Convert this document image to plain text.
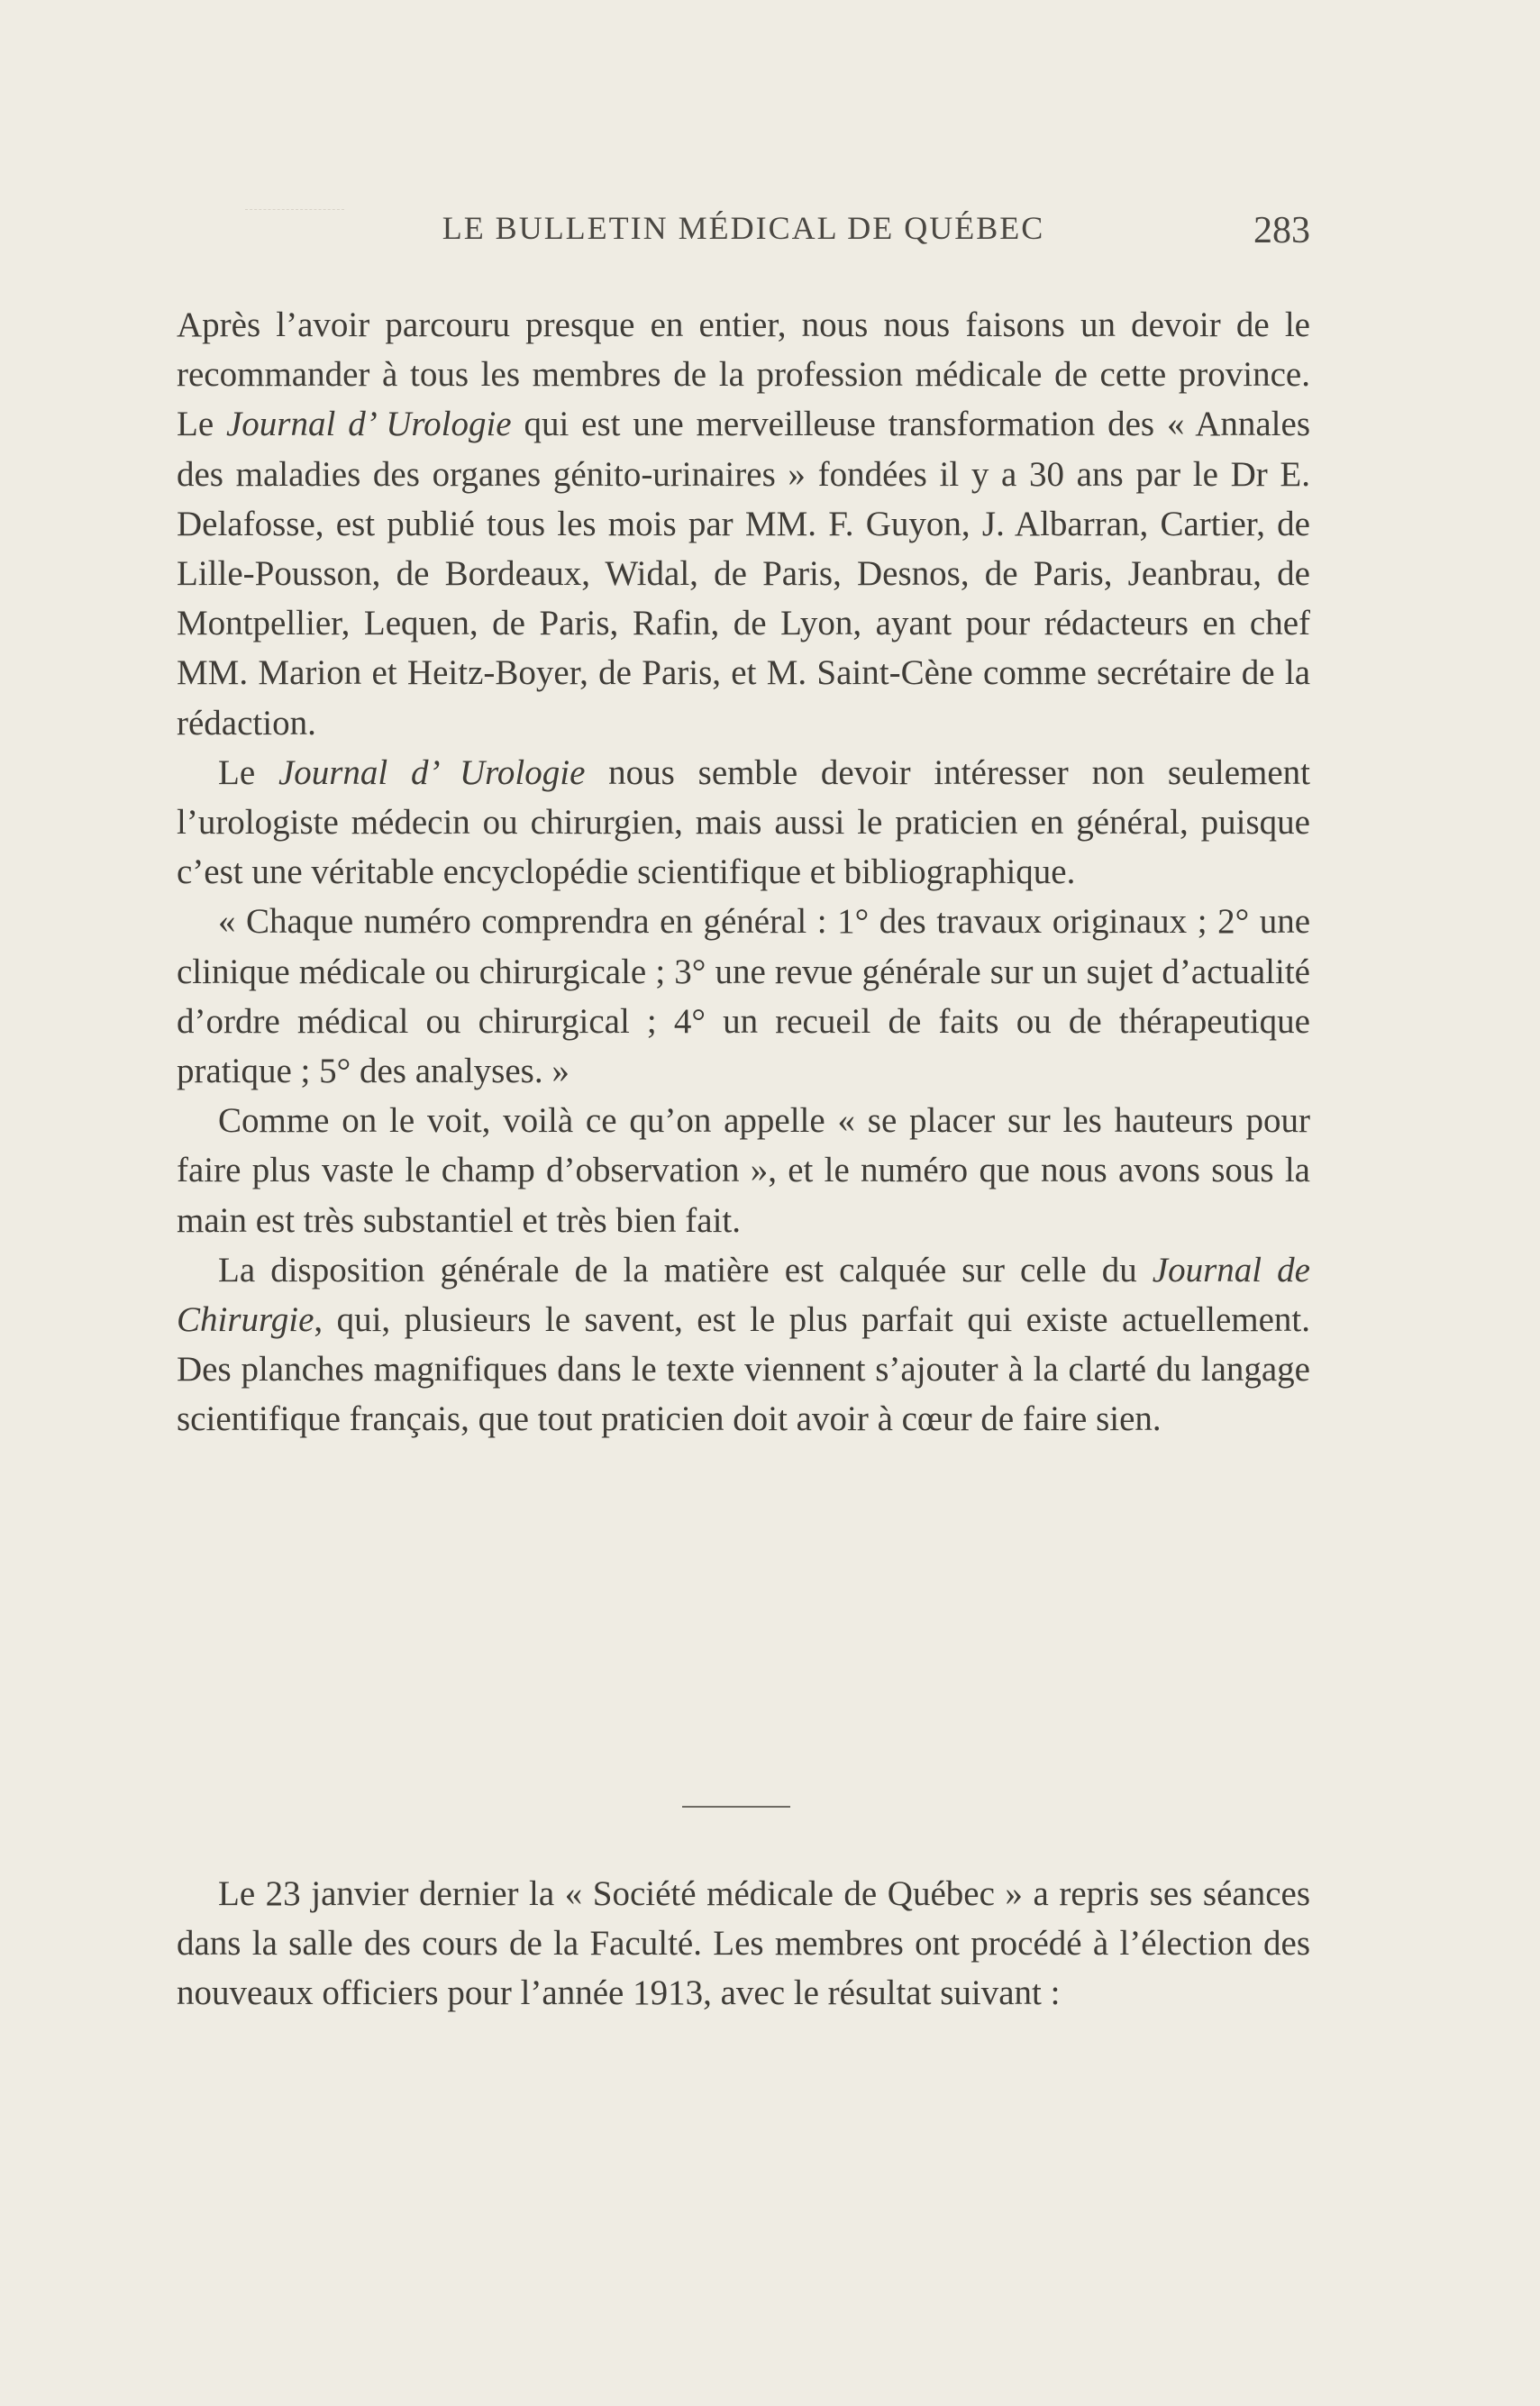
LE BULLETIN MÉDICAL DE QUÉBEC	283

Après l’avoir parcouru presque en entier, nous nous faisons un devoir de le recommander à tous les membres de la profession médicale de cette province. Le Journal d’ Urologie qui est une merveilleuse transformation des « Annales des maladies des organes génito-urinaires » fondées il y a 30 ans par le Dr E. Delafosse, est publié tous les mois par MM. F. Guyon, J. Albarran, Cartier, de Lille-Pousson, de Bordeaux, Widal, de Paris, Desnos, de Paris, Jeanbrau, de Montpellier, Lequen, de Paris, Rafin, de Lyon, ayant pour rédacteurs en chef MM. Marion et Heitz-Boyer, de Paris, et M. Saint-Cène comme secrétaire de la rédaction.

Le Journal d’ Urologie nous semble devoir intéresser non seulement l’urologiste médecin ou chirurgien, mais aussi le praticien en général, puisque c’est une véritable encyclopédie scientifique et bibliographique.

« Chaque numéro comprendra en général : 1° des travaux originaux ; 2° une clinique médicale ou chirurgicale ; 3° une revue générale sur un sujet d’actualité d’ordre médical ou chirurgical ; 4° un recueil de faits ou de thérapeutique pratique ; 5° des analyses. »

Comme on le voit, voilà ce qu’on appelle « se placer sur les hauteurs pour faire plus vaste le champ d’observation », et le numéro que nous avons sous la main est très substantiel et très bien fait.

La disposition générale de la matière est calquée sur celle du Journal de Chirurgie, qui, plusieurs le savent, est le plus parfait qui existe actuellement. Des planches magnifiques dans le texte viennent s’ajouter à la clarté du langage scientifique français, que tout praticien doit avoir à cœur de faire sien.

Le 23 janvier dernier la « Société médicale de Québec » a repris ses séances dans la salle des cours de la Faculté. Les membres ont procédé à l’élection des nouveaux officiers pour l’année 1913, avec le résultat suivant :
